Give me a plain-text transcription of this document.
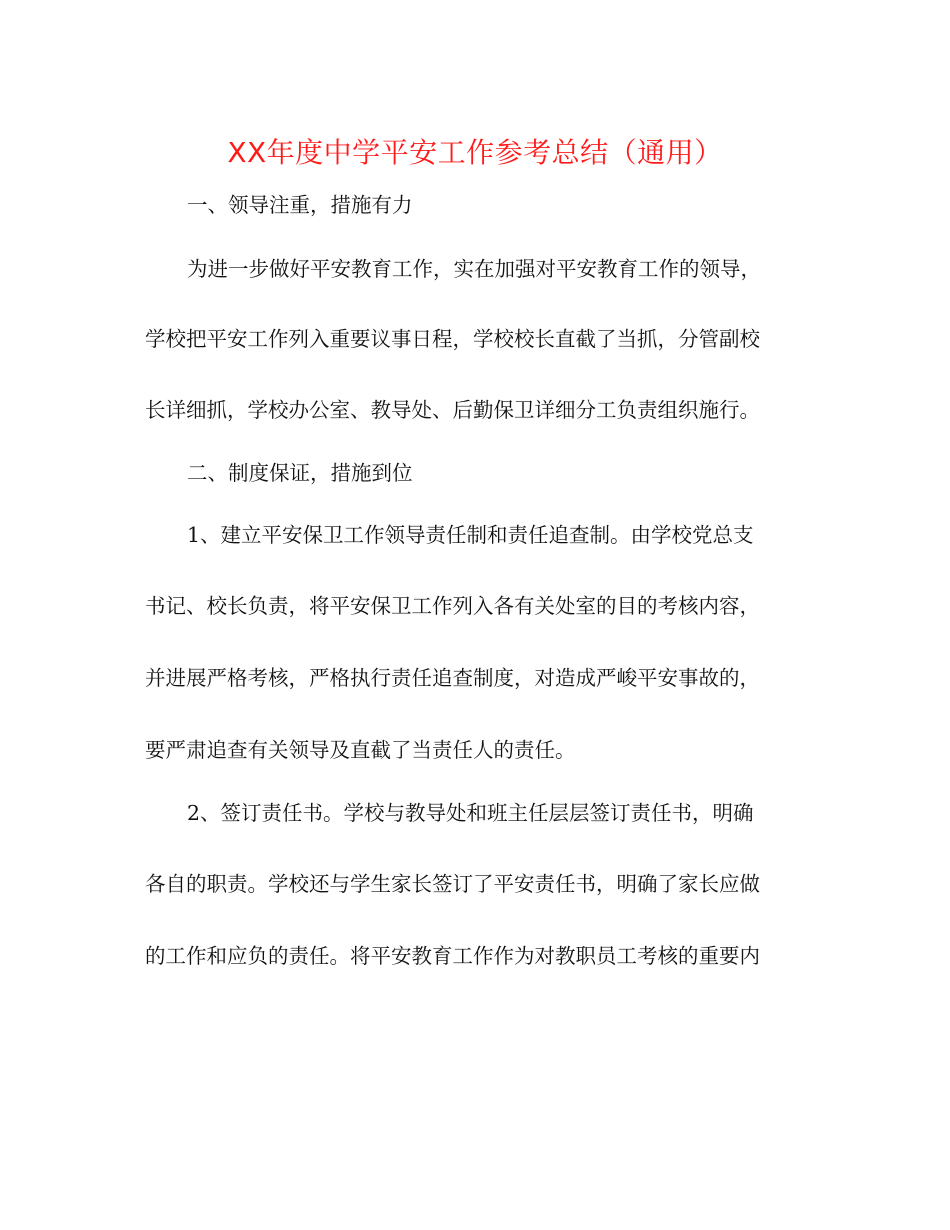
XX年度中学平安工作参考总结（通用）

一、领导注重，措施有力

为进一步做好平安教育工作，实在加强对平安教育工作的领导，

学校把平安工作列入重要议事日程，学校校长直截了当抓，分管副校

长详细抓，学校办公室、教导处、后勤保卫详细分工负责组织施行。

二、制度保证，措施到位

1、建立平安保卫工作领导责任制和责任追查制。由学校党总支

书记、校长负责，将平安保卫工作列入各有关处室的目的考核内容，

并进展严格考核，严格执行责任追查制度，对造成严峻平安事故的，

要严肃追查有关领导及直截了当责任人的责任。

2、签订责任书。学校与教导处和班主任层层签订责任书，明确

各自的职责。学校还与学生家长签订了平安责任书，明确了家长应做

的工作和应负的责任。将平安教育工作作为对教职员工考核的重要内
